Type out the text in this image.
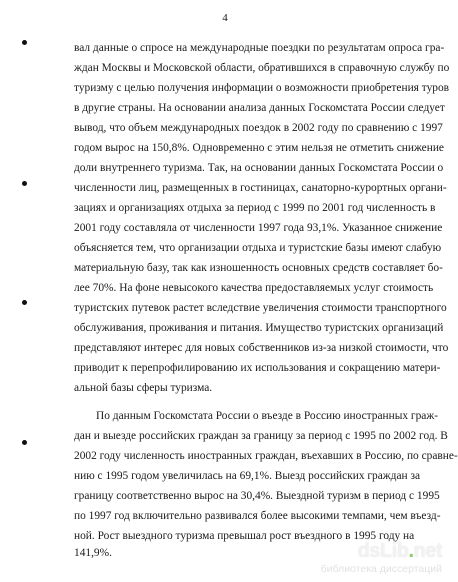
4
вал данные о спросе на международные поездки по результатам опроса гра-
ждан Москвы и Московской области, обратившихся в справочную службу по
туризму с целью получения информации о возможности приобретения туров
в другие страны. На основании анализа данных Госкомстата России следует
вывод, что объем международных поездок в 2002 году по сравнению с 1997
годом вырос на 150,8%. Одновременно с этим нельзя не отметить снижение
доли внутреннего туризма. Так, на основании данных Госкомстата России о
численности лиц, размещенных в гостиницах, санаторно-курортных органи-
зациях и организациях отдыха за период с 1999 по 2001 год численность в
2001 году составляла от численности 1997 года 93,1%. Указанное снижение
объясняется тем, что организации отдыха и туристские базы имеют слабую
материальную базу, так как изношенность основных средств составляет бо-
лее 70%. На фоне невысокого качества предоставляемых услуг стоимость
туристских путевок растет вследствие увеличения стоимости транспортного
обслуживания, проживания и питания. Имущество туристских организаций
представляют интерес для новых собственников из-за низкой стоимости, что
приводит к перепрофилированию их использования и сокращению матери-
альной базы сферы туризма.
По данным Госкомстата России о въезде в Россию иностранных граж-
дан и выезде российских граждан за границу за период с 1995 по 2002 год. В
2002 году численность иностранных граждан, въехавших в Россию, по сравне-
нию с 1995 годом увеличилась на 69,1%. Выезд российских граждан за
границу соответственно вырос на 30,4%. Выездной туризм в период с 1995
по 1997 год включительно развивался более высокими темпами, чем въезд-
ной. Рост выездного туризма превышал рост въездного в 1995 году на
141,9%.	dsLib.net
библиотека диссертаций
